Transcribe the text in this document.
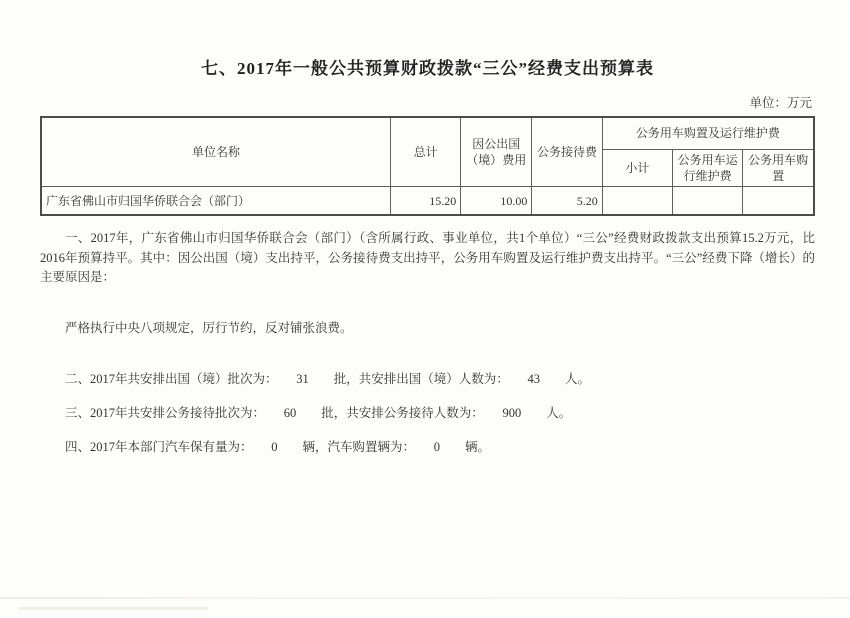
七、2017年一般公共预算财政拨款“三公”经费支出预算表
单位：万元
单位名称	总计	因公出国（境）费用	公务接待费	公务用车购置及运行维护费		
				小计	公务用车运行维护费	公务用车购置
广东省佛山市归国华侨联合会（部门）	15.20	10.00	5.20			
一、2017年，广东省佛山市归国华侨联合会（部门）（含所属行政、事业单位，共1个单位）“三公”经费财政拨款支出预算15.2万元，比2016年预算持平。其中：因公出国（境）支出持平，公务接待费支出持平，公务用车购置及运行维护费支出持平。“三公”经费下降（增长）的主要原因是：
严格执行中央八项规定，厉行节约，反对铺张浪费。
二、2017年共安排出国（境）批次为：　　31　　批，共安排出国（境）人数为：　　43　　人。
三、2017年共安排公务接待批次为：　　60　　批，共安排公务接待人数为：　　900　　人。
四、2017年本部门汽车保有量为：　　0　　辆，汽车购置辆为：　　0　　辆。
